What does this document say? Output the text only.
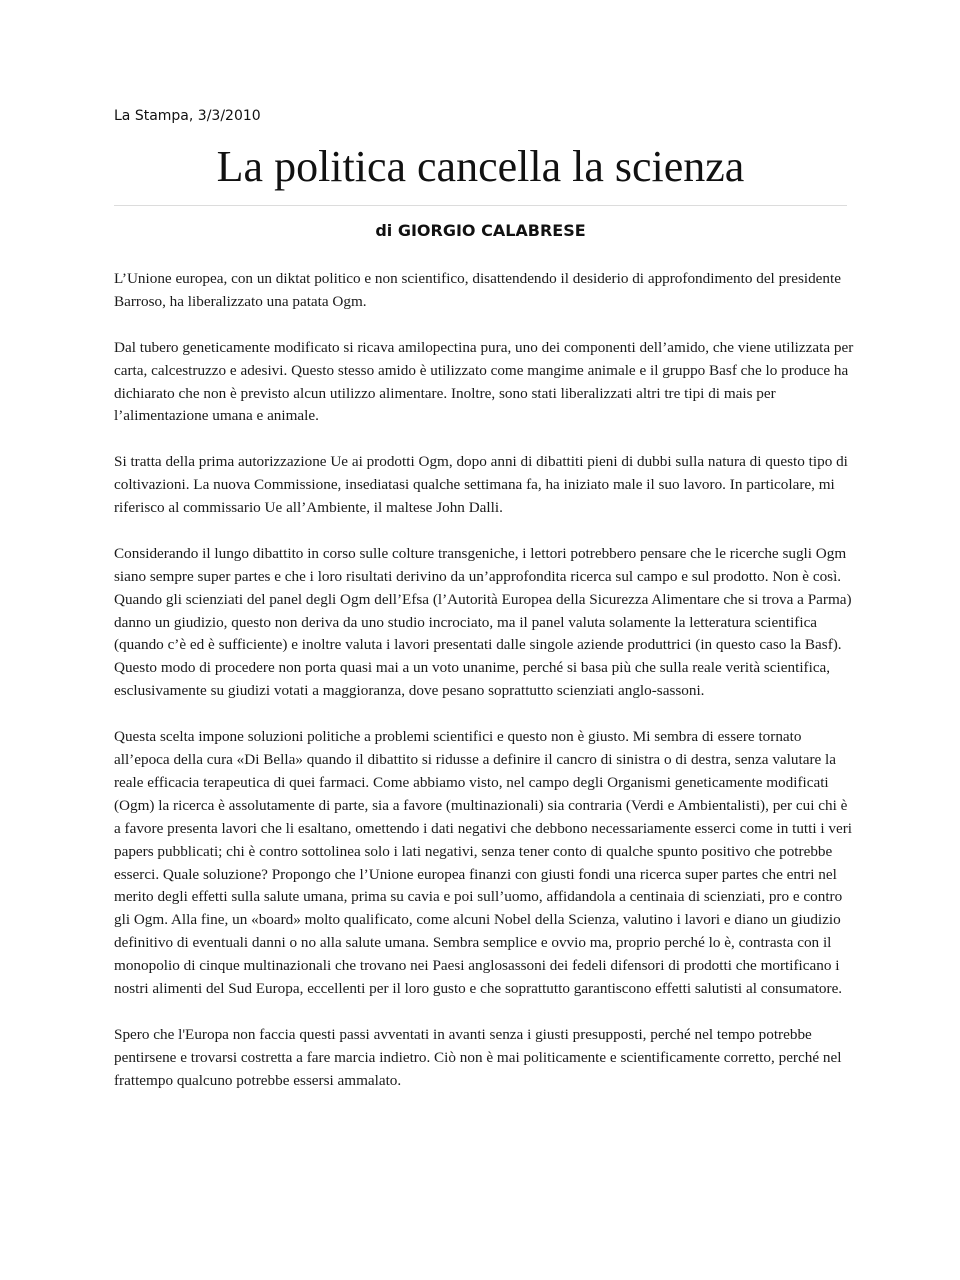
La Stampa, 3/3/2010
La politica cancella la scienza
di GIORGIO CALABRESE

L’Unione europea, con un diktat politico e non scientifico, disattendendo il desiderio di approfondimento del presidente Barroso, ha liberalizzato una patata Ogm.

Dal tubero geneticamente modificato si ricava amilopectina pura, uno dei componenti dell’amido, che viene utilizzata per carta, calcestruzzo e adesivi. Questo stesso amido è utilizzato come mangime animale e il gruppo Basf che lo produce ha dichiarato che non è previsto alcun utilizzo alimentare. Inoltre, sono stati liberalizzati altri tre tipi di mais per l’alimentazione umana e animale.

Si tratta della prima autorizzazione Ue ai prodotti Ogm, dopo anni di dibattiti pieni di dubbi sulla natura di questo tipo di coltivazioni. La nuova Commissione, insediatasi qualche settimana fa, ha iniziato male il suo lavoro. In particolare, mi riferisco al commissario Ue all’Ambiente, il maltese John Dalli.

Considerando il lungo dibattito in corso sulle colture transgeniche, i lettori potrebbero pensare che le ricerche sugli Ogm siano sempre super partes e che i loro risultati derivino da un’approfondita ricerca sul campo e sul prodotto. Non è così. Quando gli scienziati del panel degli Ogm dell’Efsa (l’Autorità Europea della Sicurezza Alimentare che si trova a Parma) danno un giudizio, questo non deriva da uno studio incrociato, ma il panel valuta solamente la letteratura scientifica (quando c’è ed è sufficiente) e inoltre valuta i lavori presentati dalle singole aziende produttrici (in questo caso la Basf). Questo modo di procedere non porta quasi mai a un voto unanime, perché si basa più che sulla reale verità scientifica, esclusivamente su giudizi votati a maggioranza, dove pesano soprattutto scienziati anglo-sassoni.

Questa scelta impone soluzioni politiche a problemi scientifici e questo non è giusto. Mi sembra di essere tornato all’epoca della cura «Di Bella» quando il dibattito si ridusse a definire il cancro di sinistra o di destra, senza valutare la reale efficacia terapeutica di quei farmaci. Come abbiamo visto, nel campo degli Organismi geneticamente modificati (Ogm) la ricerca è assolutamente di parte, sia a favore (multinazionali) sia contraria (Verdi e Ambientalisti), per cui chi è a favore presenta lavori che li esaltano, omettendo i dati negativi che debbono necessariamente esserci come in tutti i veri papers pubblicati; chi è contro sottolinea solo i lati negativi, senza tener conto di qualche spunto positivo che potrebbe esserci. Quale soluzione? Propongo che l’Unione europea finanzi con giusti fondi una ricerca super partes che entri nel merito degli effetti sulla salute umana, prima su cavia e poi sull’uomo, affidandola a centinaia di scienziati, pro e contro gli Ogm. Alla fine, un «board» molto qualificato, come alcuni Nobel della Scienza, valutino i lavori e diano un giudizio definitivo di eventuali danni o no alla salute umana. Sembra semplice e ovvio ma, proprio perché lo è, contrasta con il monopolio di cinque multinazionali che trovano nei Paesi anglosassoni dei fedeli difensori di prodotti che mortificano i nostri alimenti del Sud Europa, eccellenti per il loro gusto e che soprattutto garantiscono effetti salutisti al consumatore.

Spero che l'Europa non faccia questi passi avventati in avanti senza i giusti presupposti, perché nel tempo potrebbe pentirsene e trovarsi costretta a fare marcia indietro. Ciò non è mai politicamente e scientificamente corretto, perché nel frattempo qualcuno potrebbe essersi ammalato.
